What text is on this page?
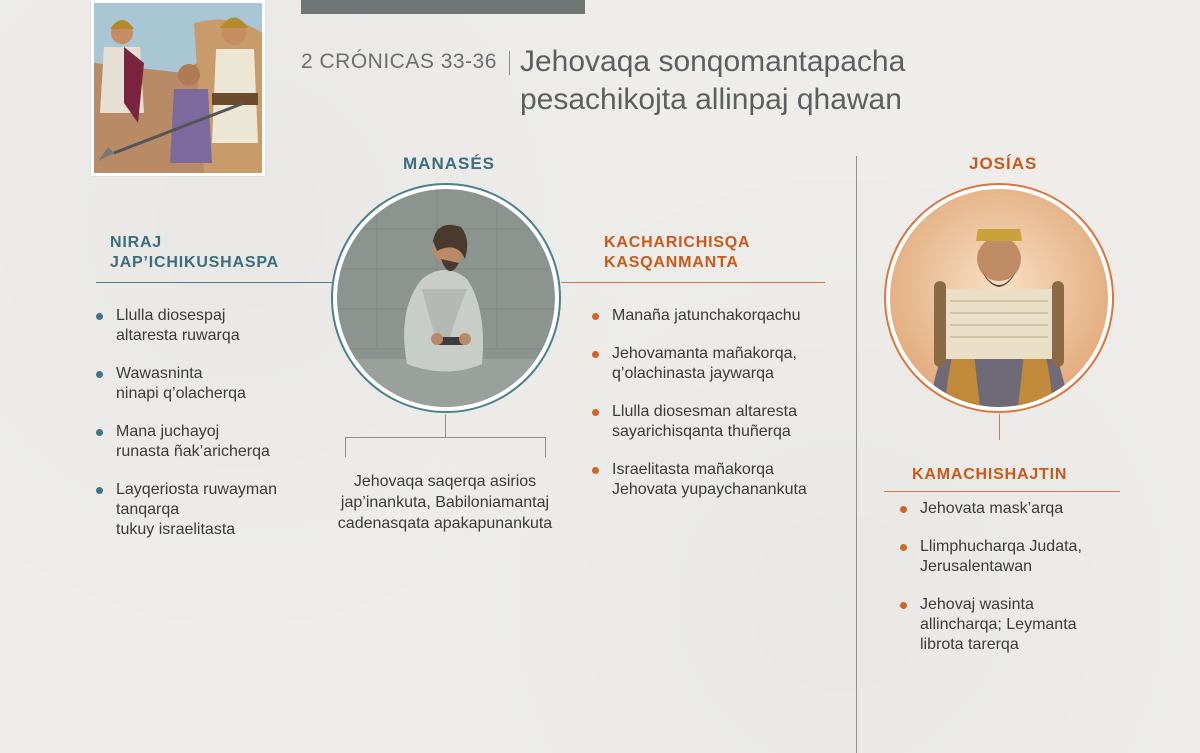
2 CRÓNICAS 33-36 Jehovaqa sonqomantapacha
pesachikojta allinpaj qhawan
MANASÉS
NIRAJ
JAP’ICHIKUSHASPA
Llulla diosespaj
altaresta ruwarqa
Wawasninta
ninapi q’olacherqa
Mana juchayoj
runasta ñak’aricherqa
Layqeriosta ruwayman
tanqarqa
tukuy israelitasta
KACHARICHISQA
KASQANMANTA
Manaña jatunchakorqachu
Jehovamanta mañakorqa,
q’olachinasta jaywarqa
Llulla diosesman altaresta
sayarichisqanta thuñerqa
Israelitasta mañakorqa
Jehovata yupaychanankuta
Jehovaqa saqerqa asirios
jap’inankuta, Babiloniamantaj
cadenasqata apakapunankuta
JOSÍAS
KAMACHISHAJTIN
Jehovata mask’arqa
Llimphucharqa Judata,
Jerusalentawan
Jehovaj wasinta
allincharqa; Leymanta
librota tarerqa
